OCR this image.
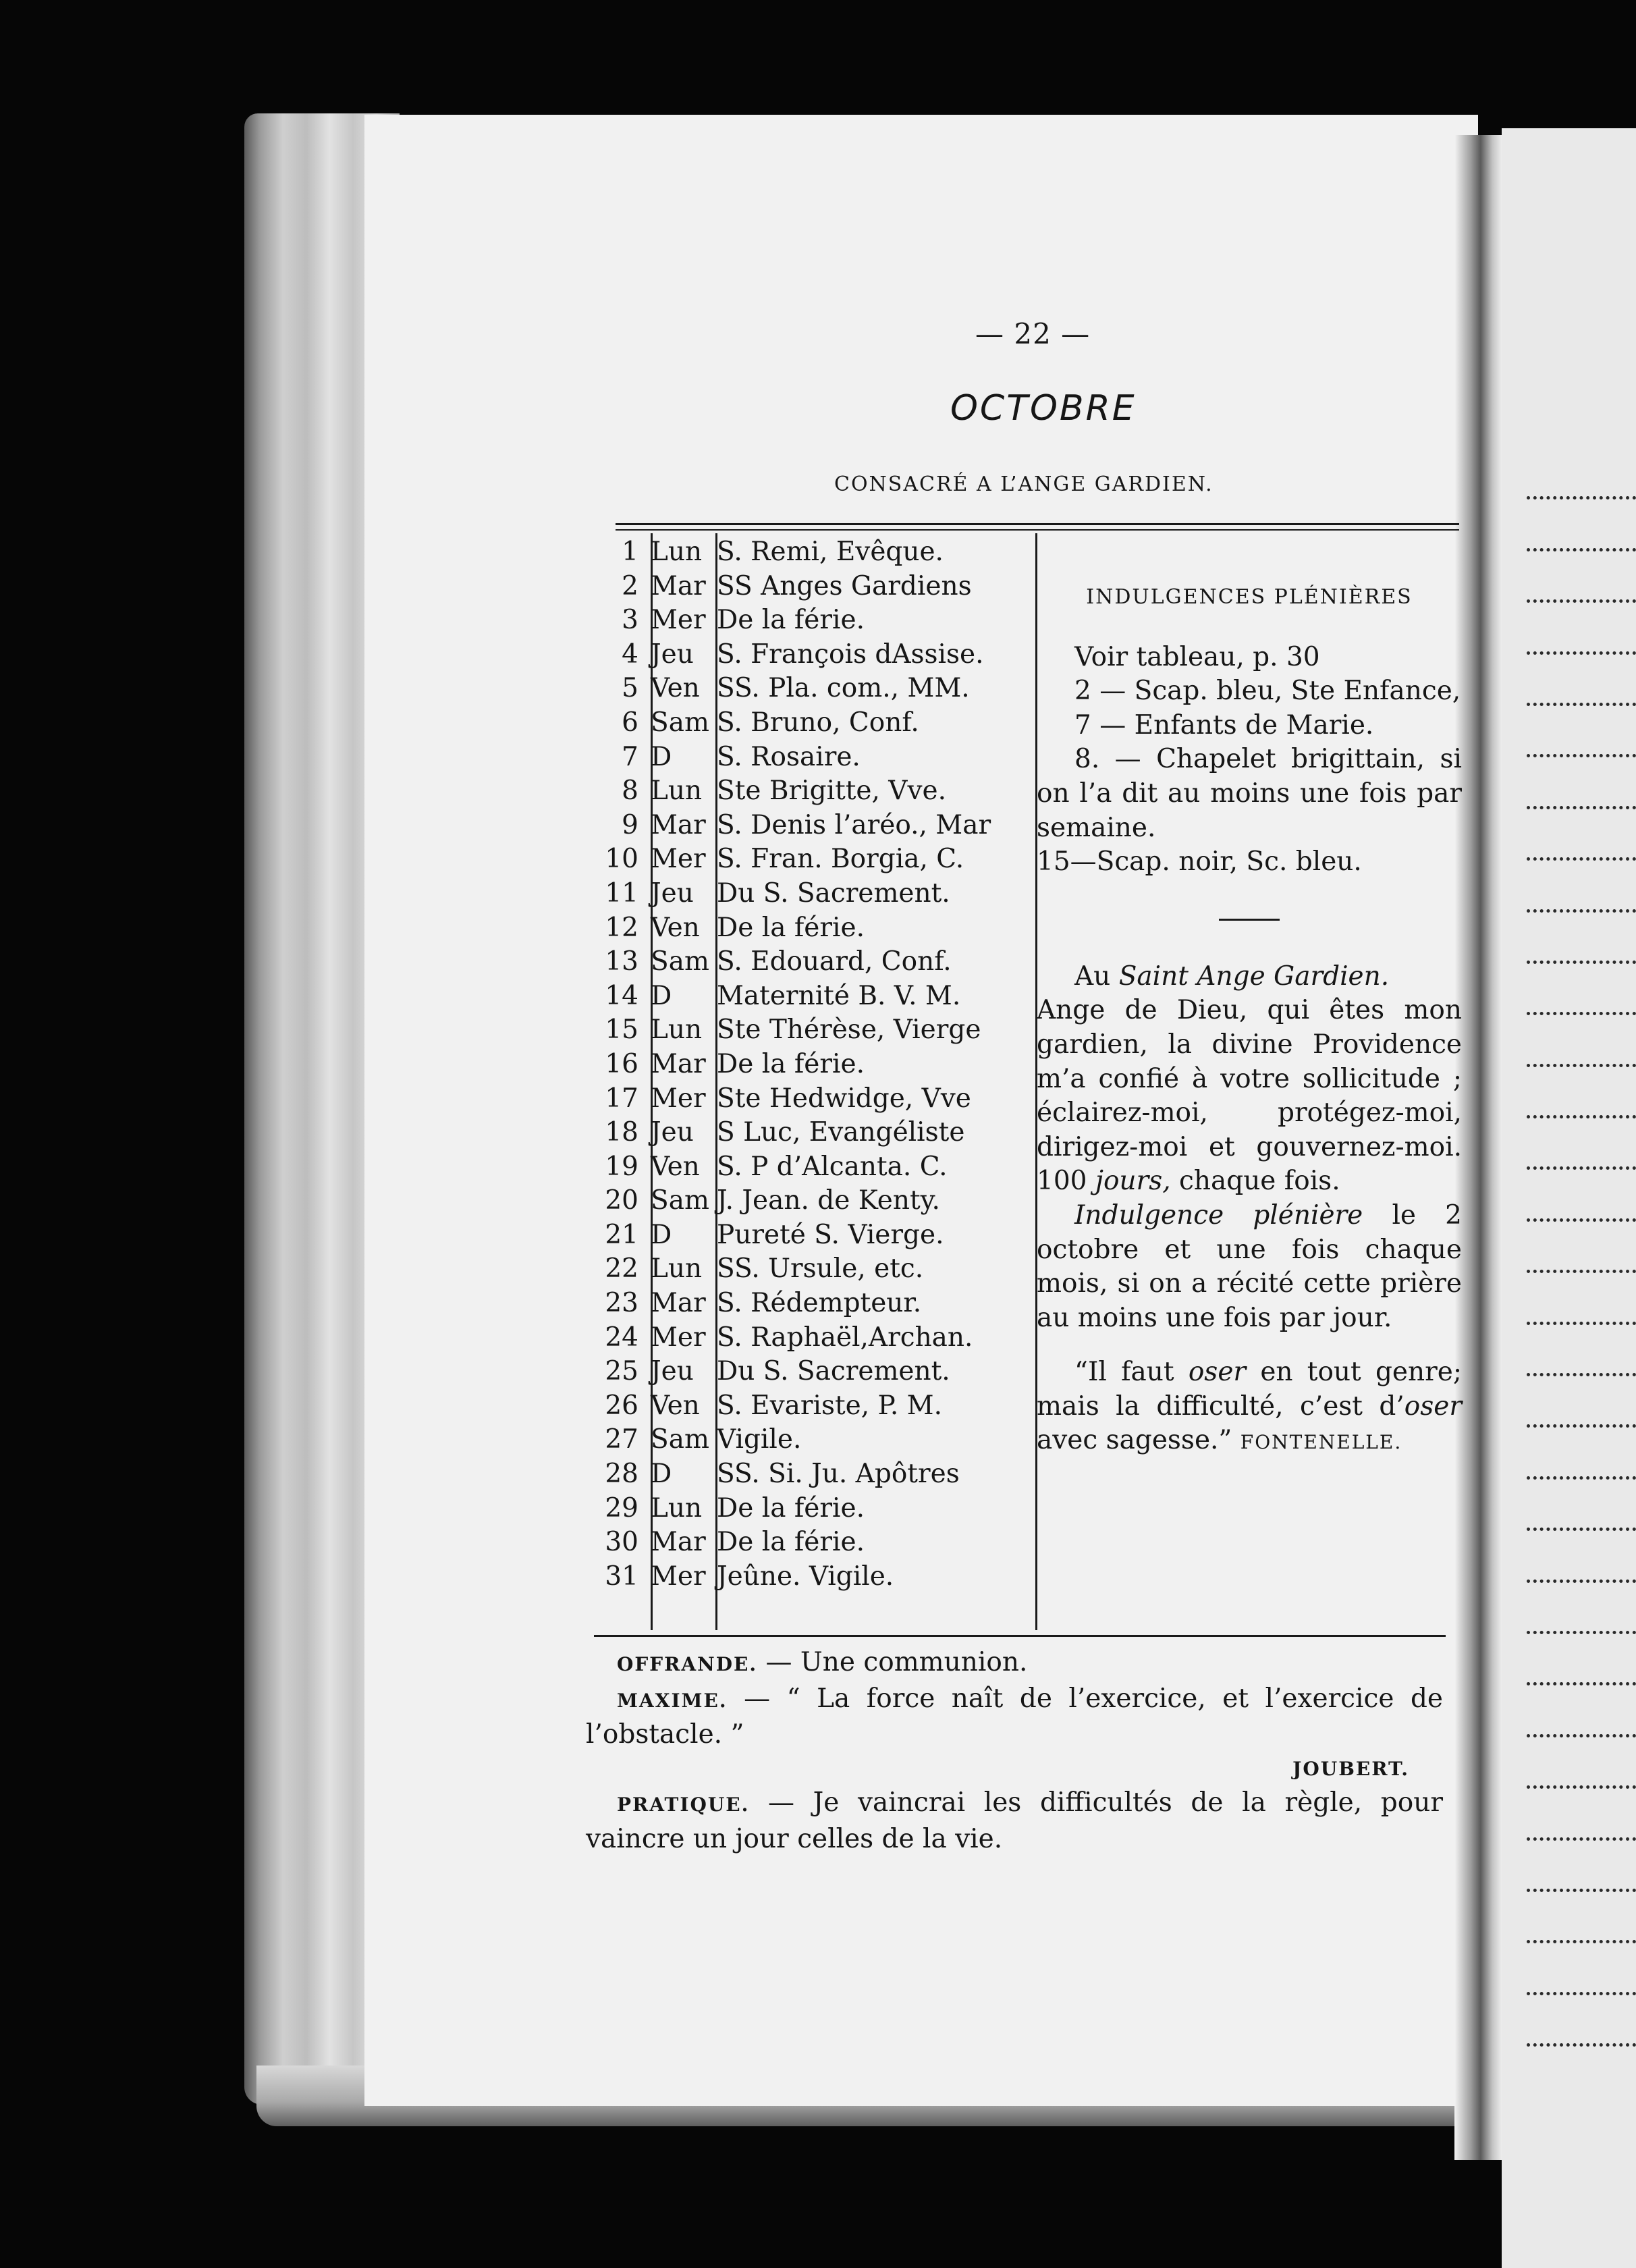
— 22 —
OCTOBRE
CONSACRÉ A L’ANGE GARDIEN.
1 Lun S. Remi, Evêque.
2 Mar SS Anges Gardiens
3 Mer De la férie.
4 Jeu S. François dAssise.
5 Ven SS. Pla. com., MM.
6 Sam S. Bruno, Conf.
7 D	S. Rosaire.
8 Lun Ste Brigitte, Vve.
9 Mar S. Denis l’aréo., Mar
10 Mer S. Fran. Borgia, C.
11 Jeu Du S. Sacrement.
12 Ven De la férie.
13 Sam S. Edouard, Conf.
14 D	Maternité B. V. M.
15 Lun Ste Thérèse, Vierge
16 Mar De la férie.
17 Mer Ste Hedwidge, Vve
18 Jeu S Luc, Evangéliste
19 Ven S. P d’Alcanta. C.
20 Sam J. Jean. de Kenty.
21 D	Pureté S. Vierge.
22 Lun SS. Ursule, etc.
23 Mar S. Rédempteur.
24 Mer S. Raphaël,Archan.
25 Jeu Du S. Sacrement.
26 Ven S. Evariste, P. M.
27 Sam Vigile.
28 D	SS. Si. Ju. Apôtres
29 Lun De la férie.
30 Mar De la férie.
31 Mer Jeûne. Vigile.
INDULGENCES PLÉNIÈRES

Voir tableau, p. 30

2 — Scap. bleu, Ste Enfance,

7 — Enfants de Marie.

8. — Chapelet brigittain, si on l’a dit au moins une fois par semaine.

15—Scap. noir, Sc. bleu.

Au Saint Ange Gardien.

Ange de Dieu, qui êtes mon gardien, la divine Providence m’a confié à votre sollicitude ; éclairez-moi, protégez-moi, dirigez-moi et gouvernez-moi. 100 jours, chaque fois.

Indulgence plénière le 2 octobre et une fois chaque mois, si on a récité cette prière au moins une fois par jour.

“Il faut oser en tout genre; mais la difficulté, c’est d’oser avec sagesse.” FONTENELLE.

OFFRANDE. — Une communion.

MAXIME. — “ La force naît de l’exercice, et l’exercice de l’obstacle. ”

JOUBERT.

PRATIQUE. — Je vaincrai les difficultés de la règle, pour vaincre un jour celles de la vie.
